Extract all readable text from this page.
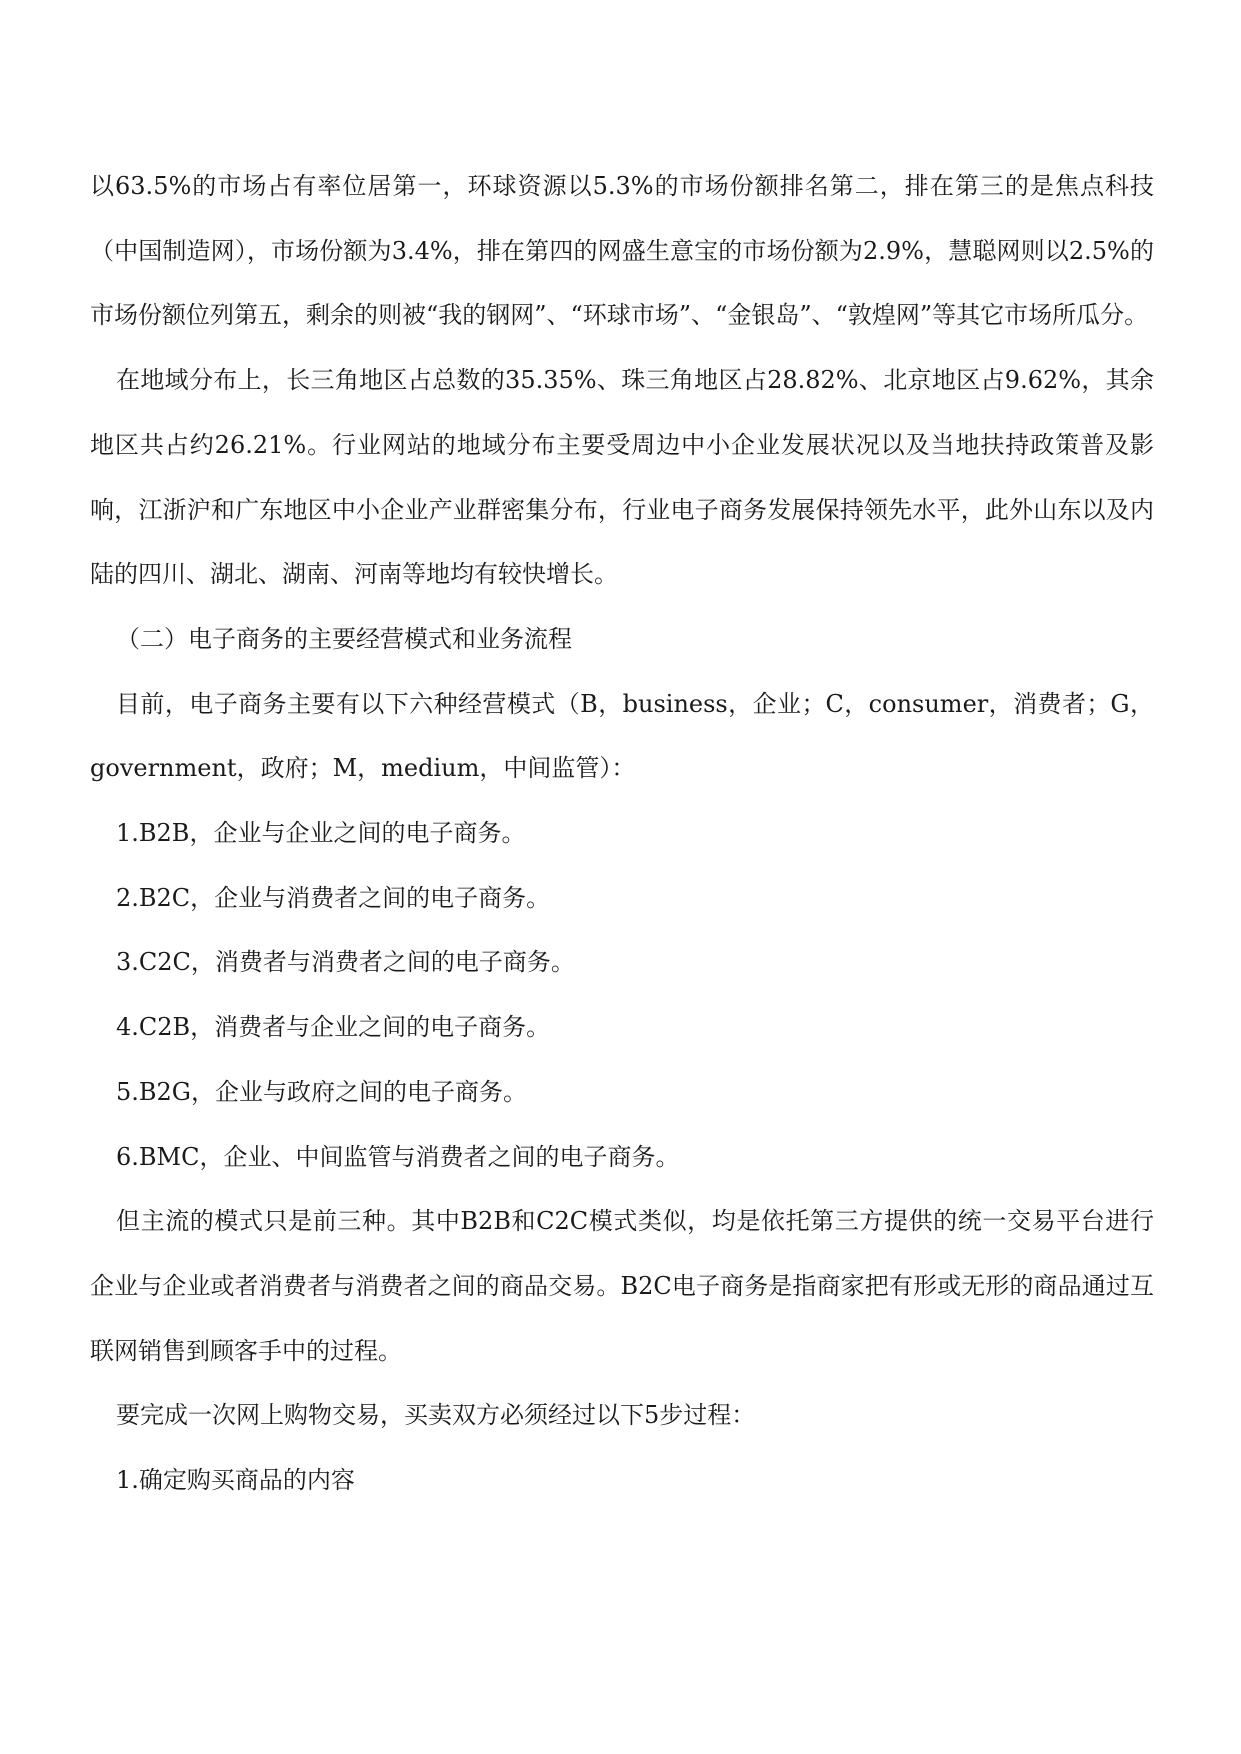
以63.5%的市场占有率位居第一，环球资源以5.3%的市场份额排名第二，排在第三的是焦点科技（中国制造网），市场份额为3.4%，排在第四的网盛生意宝的市场份额为2.9%，慧聪网则以2.5%的市场份额位列第五，剩余的则被“我的钢网”、“环球市场”、“金银岛”、“敦煌网”等其它市场所瓜分。

在地域分布上，长三角地区占总数的35.35%、珠三角地区占28.82%、北京地区占9.62%，其余地区共占约26.21%。行业网站的地域分布主要受周边中小企业发展状况以及当地扶持政策普及影响，江浙沪和广东地区中小企业产业群密集分布，行业电子商务发展保持领先水平，此外山东以及内陆的四川、湖北、湖南、河南等地均有较快增长。

（二）电子商务的主要经营模式和业务流程

目前，电子商务主要有以下六种经营模式（B，business，企业；C，consumer，消费者；G，government，政府；M，medium，中间监管）：

1.B2B，企业与企业之间的电子商务。

2.B2C，企业与消费者之间的电子商务。

3.C2C，消费者与消费者之间的电子商务。

4.C2B，消费者与企业之间的电子商务。

5.B2G，企业与政府之间的电子商务。

6.BMC，企业、中间监管与消费者之间的电子商务。

但主流的模式只是前三种。其中B2B和C2C模式类似，均是依托第三方提供的统一交易平台进行企业与企业或者消费者与消费者之间的商品交易。B2C电子商务是指商家把有形或无形的商品通过互联网销售到顾客手中的过程。

要完成一次网上购物交易，买卖双方必须经过以下5步过程：

1.确定购买商品的内容
